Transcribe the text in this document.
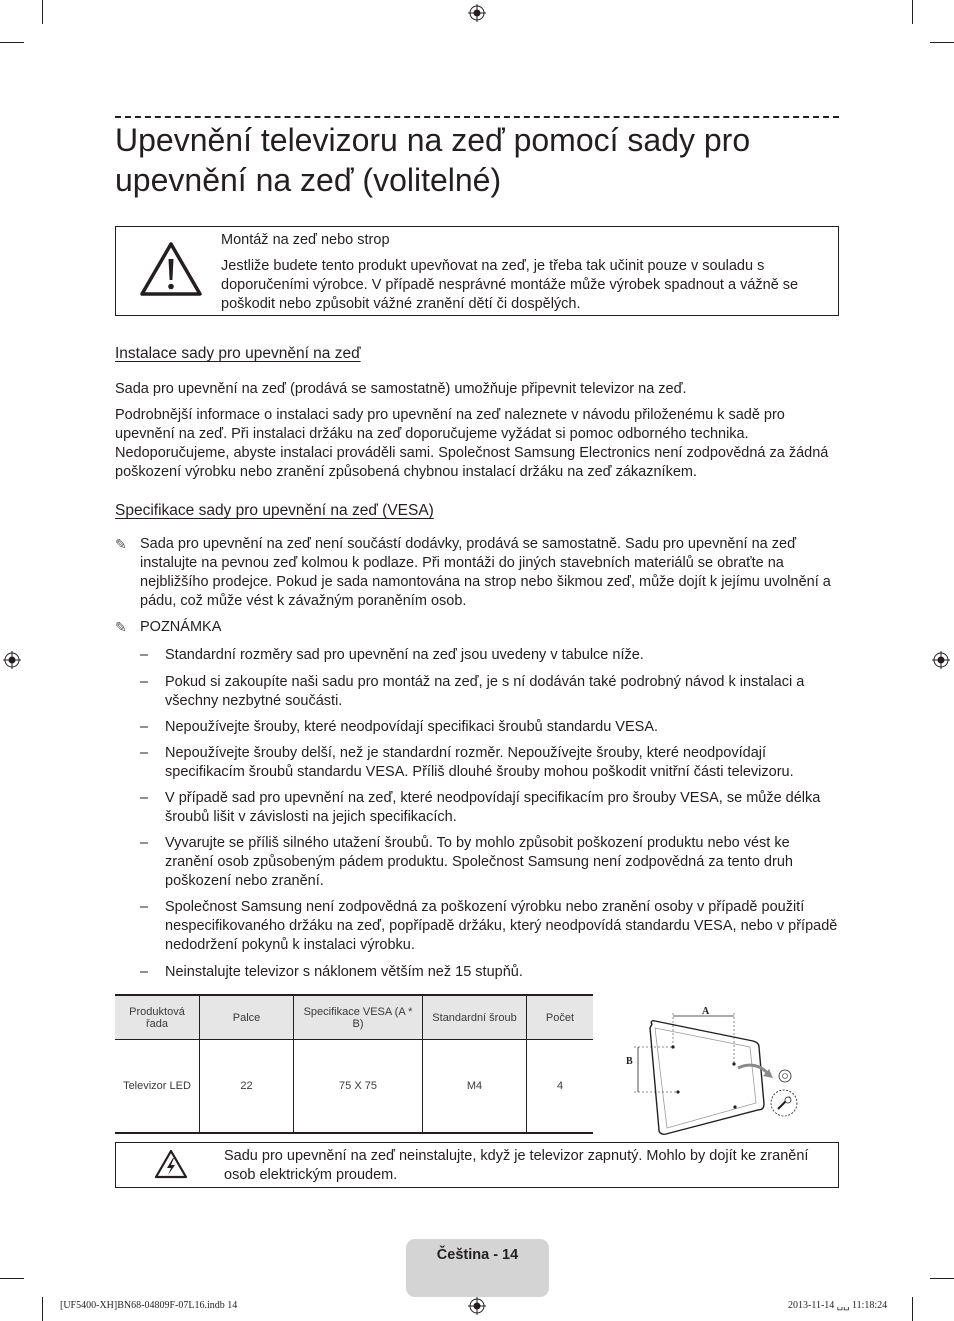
Upevnění televizoru na zeď pomocí sady pro upevnění na zeď (volitelné)
Montáž na zeď nebo strop
Jestliže budete tento produkt upevňovat na zeď, je třeba tak učinit pouze v souladu s doporučeními výrobce. V případě nesprávné montáže může výrobek spadnout a vážně se poškodit nebo způsobit vážné zranění dětí či dospělých.
Instalace sady pro upevnění na zeď

Sada pro upevnění na zeď (prodává se samostatně) umožňuje připevnit televizor na zeď.

Podrobnější informace o instalaci sady pro upevnění na zeď naleznete v návodu přiloženému k sadě pro upevnění na zeď. Při instalaci držáku na zeď doporučujeme vyžádat si pomoc odborného technika. Nedoporučujeme, abyste instalaci prováděli sami. Společnost Samsung Electronics není zodpovědná za žádná poškození výrobku nebo zranění způsobená chybnou instalací držáku na zeď zákazníkem.

Specifikace sady pro upevnění na zeď (VESA)
✎ Sada pro upevnění na zeď není součástí dodávky, prodává se samostatně. Sadu pro upevnění na zeď instalujte na pevnou zeď kolmou k podlaze. Při montáži do jiných stavebních materiálů se obraťte na nejbližšího prodejce. Pokud je sada namontována na strop nebo šikmou zeď, může dojít k jejímu uvolnění a pádu, což může vést k závažným poraněním osob.
✎ POZNÁMKA
– Standardní rozměry sad pro upevnění na zeď jsou uvedeny v tabulce níže.
– Pokud si zakoupíte naši sadu pro montáž na zeď, je s ní dodáván také podrobný návod k instalaci a všechny nezbytné součásti.
– Nepoužívejte šrouby, které neodpovídají specifikaci šroubů standardu VESA.
– Nepoužívejte šrouby delší, než je standardní rozměr. Nepoužívejte šrouby, které neodpovídají specifikacím šroubů standardu VESA. Příliš dlouhé šrouby mohou poškodit vnitřní části televizoru.
– V případě sad pro upevnění na zeď, které neodpovídají specifikacím pro šrouby VESA, se může délka šroubů lišit v závislosti na jejich specifikacích.
– Vyvarujte se příliš silného utažení šroubů. To by mohlo způsobit poškození produktu nebo vést ke zranění osob způsobeným pádem produktu. Společnost Samsung není zodpovědná za tento druh poškození nebo zranění.
– Společnost Samsung není zodpovědná za poškození výrobku nebo zranění osoby v případě použití nespecifikovaného držáku na zeď, popřípadě držáku, který neodpovídá standardu VESA, nebo v případě nedodržení pokynů k instalaci výrobku.
– Neinstalujte televizor s náklonem větším než 15 stupňů.
Produktová řada	Palce	Specifikace VESA (A * B)	Standardní šroub	Počet
Televizor LED	22	75 X 75	M4	4
A
B
Sadu pro upevnění na zeď neinstalujte, když je televizor zapnutý. Mohlo by dojít ke zranění osob elektrickým proudem.
Čeština - 14
[UF5400-XH]BN68-04809F-07L16.indb 14	2013-11-14 ␣␣ 11:18:24
